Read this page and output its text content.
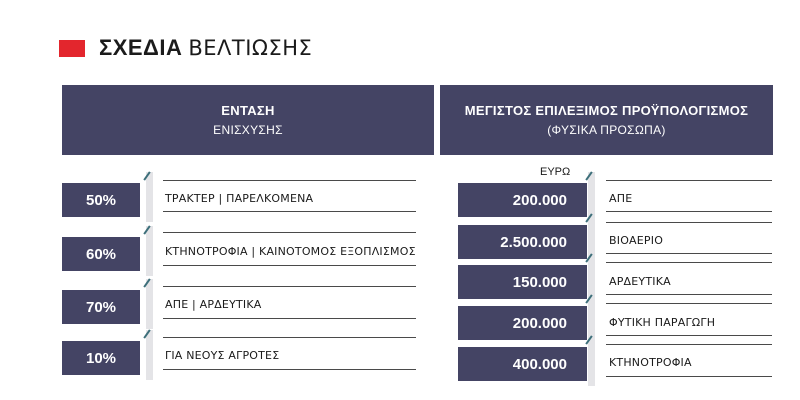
ΣΧΕΔΙΑ ΒΕΛΤΙΩΣΗΣ
ΕΝΤΑΣΗ
ΕΝΙΣΧΥΣΗΣ
ΜΕΓΙΣΤΟΣ ΕΠΙΛΕΞΙΜΟΣ ΠΡΟΫΠΟΛΟΓΙΣΜΟΣ
(ΦΥΣΙΚΑ ΠΡΟΣΩΠΑ)
ΕΥΡΩ
50%	ΤΡΑΚΤΕΡ | ΠΑΡΕΛΚΟΜΕΝΑ
60%	ΚΤΗΝΟΤΡΟΦΙΑ | ΚΑΙΝΟΤΟΜΟΣ ΕΞΟΠΛΙΣΜΟΣ
70%	ΑΠΕ | ΑΡΔΕΥΤΙΚΑ
10%	ΓΙΑ ΝΕΟΥΣ ΑΓΡΟΤΕΣ
200.000	ΑΠΕ
2.500.000	ΒΙΟΑΕΡΙΟ
150.000	ΑΡΔΕΥΤΙΚΑ
200.000	ΦΥΤΙΚΗ ΠΑΡΑΓΩΓΗ
400.000	ΚΤΗΝΟΤΡΟΦΙΑ
